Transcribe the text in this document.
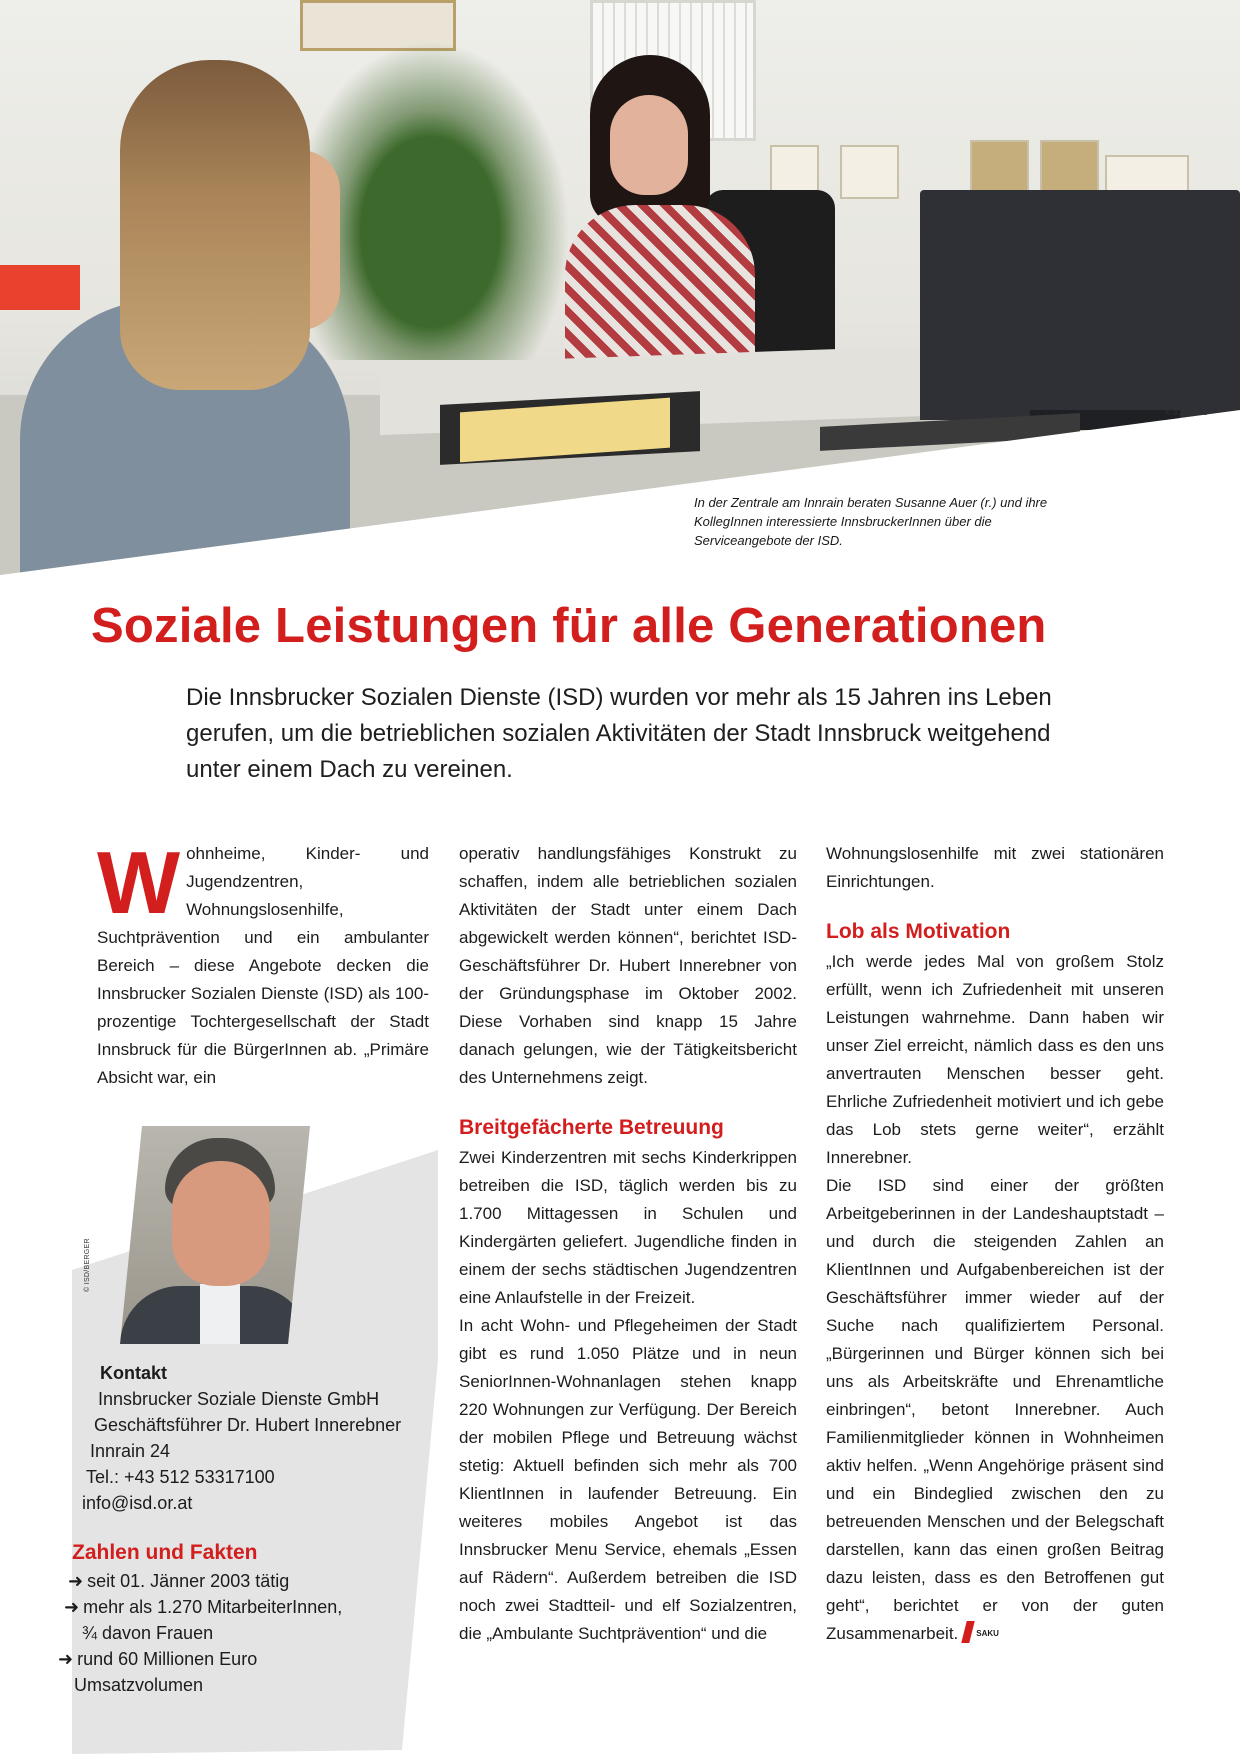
© S. KUESS

In der Zentrale am Innrain beraten Susanne Auer (r.) und ihre KollegInnen interessierte InnsbruckerInnen über die Serviceangebote der ISD.

Soziale Leistungen für alle Generationen

Die Innsbrucker Sozialen Dienste (ISD) wurden vor mehr als 15 Jahren ins Leben gerufen, um die betrieblichen sozialen Aktivitäten der Stadt Innsbruck weitgehend unter einem Dach zu vereinen.

Wohnheime, Kinder- und Jugendzentren, Wohnungslosenhilfe, Suchtprävention und ein ambulanter Bereich – diese Angebote decken die Innsbrucker Sozialen Dienste (ISD) als 100-prozentige Tochtergesellschaft der Stadt Innsbruck für die BürgerInnen ab. „Primäre Absicht war, ein

© ISD/BERGER
Kontakt
Innsbrucker Soziale Dienste GmbH
Geschäftsführer Dr. Hubert Innerebner
Innrain 24
Tel.: +43 512 53317100
info@isd.or.at
Zahlen und Fakten
➜ seit 01. Jänner 2003 tätig
➜ mehr als 1.270 MitarbeiterInnen,
¾ davon Frauen
➜ rund 60 Millionen Euro
Umsatzvolumen

operativ handlungsfähiges Konstrukt zu schaffen, indem alle betrieblichen sozialen Aktivitäten der Stadt unter einem Dach abgewickelt werden können“, berichtet ISD-Geschäftsführer Dr. Hubert Innerebner von der Gründungsphase im Oktober 2002. Diese Vorhaben sind knapp 15 Jahre danach gelungen, wie der Tätigkeitsbericht des Unternehmens zeigt.

Breitgefächerte Betreuung

Zwei Kinderzentren mit sechs Kinderkrippen betreiben die ISD, täglich werden bis zu 1.700 Mittagessen in Schulen und Kindergärten geliefert. Jugendliche finden in einem der sechs städtischen Jugendzentren eine Anlaufstelle in der Freizeit.

In acht Wohn- und Pflegeheimen der Stadt gibt es rund 1.050 Plätze und in neun SeniorInnen-Wohnanlagen stehen knapp 220 Wohnungen zur Verfügung. Der Bereich der mobilen Pflege und Betreuung wächst stetig: Aktuell befinden sich mehr als 700 KlientInnen in laufender Betreuung. Ein weiteres mobiles Angebot ist das Innsbrucker Menu Service, ehemals „Essen auf Rädern“. Außerdem betreiben die ISD noch zwei Stadtteil- und elf Sozialzentren, die „Ambulante Suchtprävention“ und die

Wohnungslosenhilfe mit zwei stationären Einrichtungen.

Lob als Motivation

„Ich werde jedes Mal von großem Stolz erfüllt, wenn ich Zufriedenheit mit unseren Leistungen wahrnehme. Dann haben wir unser Ziel erreicht, nämlich dass es den uns anvertrauten Menschen besser geht. Ehrliche Zufriedenheit motiviert und ich gebe das Lob stets gerne weiter“, erzählt Innerebner.

Die ISD sind einer der größten Arbeitgeberinnen in der Landeshauptstadt – und durch die steigenden Zahlen an KlientInnen und Aufgabenbereichen ist der Geschäftsführer immer wieder auf der Suche nach qualifiziertem Personal. „Bürgerinnen und Bürger können sich bei uns als Arbeitskräfte und Ehrenamtliche einbringen“, betont Innerebner. Auch Familienmitglieder können in Wohnheimen aktiv helfen. „Wenn Angehörige präsent sind und ein Bindeglied zwischen den zu betreuenden Menschen und der Belegschaft darstellen, kann das einen großen Beitrag dazu leisten, dass es den Betroffenen gut geht“, berichtet er von der guten Zusammenarbeit. $^{SAKU}$
